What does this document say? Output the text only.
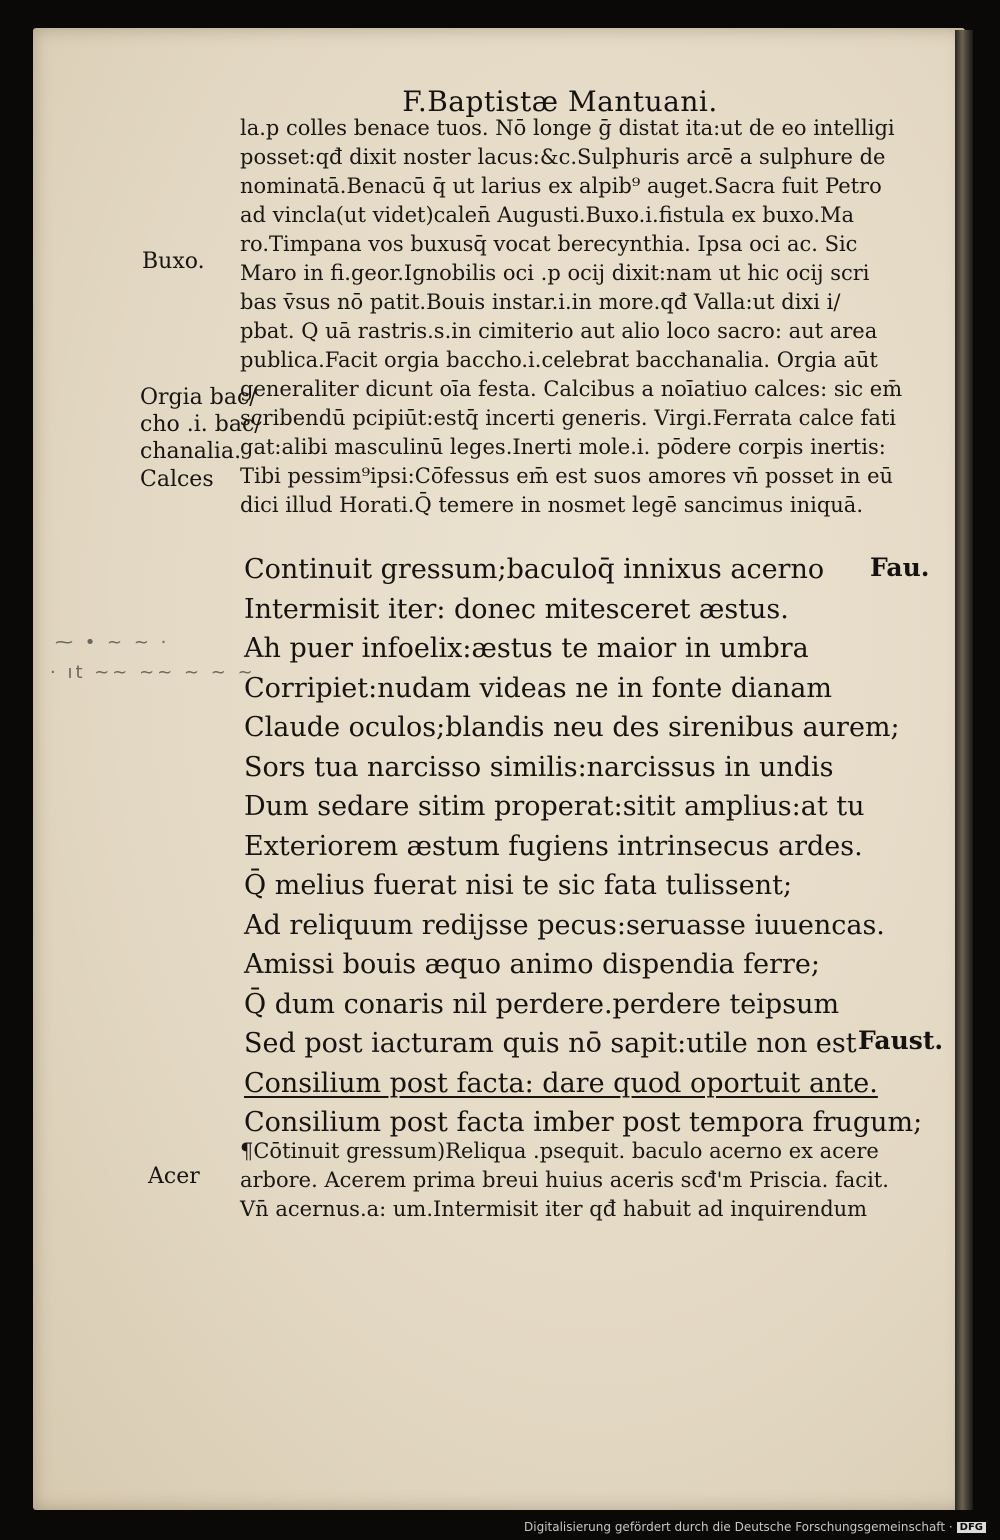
F.Baptistæ Mantuani.
la.p colles benace tuos. Nō longe ḡ distat ita:ut de eo intelligi
posset:qđ dixit noster lacus:&c.Sulphuris arcē a sulphure de
nominatā.Benacū q̄ ut larius ex alpib⁹ auget.Sacra fuit Petro
ad vincla(ut videt)calen̄ Augusti.Buxo.i.fistula ex buxo.Ma
ro.Timpana vos buxusq̄ vocat berecynthia. Ipsa oci ac. Sic
Maro in fi.geor.Ignobilis oci .p ocij dixit:nam ut hic ocij scri
bas v̄sus nō patit.Bouis instar.i.in more.qđ Valla:ut dixi i/
pbat. Q uā rastris.s.in cimiterio aut alio loco sacro: aut area
publica.Facit orgia baccho.i.celebrat bacchanalia. Orgia aūt
generaliter dicunt oīa festa. Calcibus a noīatiuo calces: sic em̄
scribendū pcipiūt:estq̄ incerti generis. Virgi.Ferrata calce fati
gat:alibi masculinū leges.Inerti mole.i. pōdere corpis inertis:
Tibi pessim⁹ipsi:Cōfessus em̄ est suos amores vn̄ posset in eū
dici illud Horati.Q̄ temere in nosmet legē sancimus iniquā.
Continuit gressum;baculoq̄ innixus acerno
Intermisit iter: donec mitesceret æstus.
Ah puer infoelix:æstus te maior in umbra
Corripiet:nudam videas ne in fonte dianam
Claude oculos;blandis neu des sirenibus aurem;
Sors tua narcisso similis:narcissus in undis
Dum sedare sitim properat:sitit amplius:at tu
Exteriorem æstum fugiens intrinsecus ardes.
Q̄ melius fuerat nisi te sic fata tulissent;
Ad reliquum redijsse pecus:seruasse iuuencas.
Amissi bouis æquo animo dispendia ferre;
Q̄ dum conaris nil perdere.perdere teipsum
Sed post iacturam quis nō sapit:utile non est
Consilium post facta: dare quod oportuit ante.
Consilium post facta imber post tempora frugum;
¶Cōtinuit gressum)Reliqua .psequit. baculo acerno ex acere
arbore. Acerem prima breui huius aceris scđ'm Priscia. facit.
Vn̄ acernus.a: um.Intermisit iter qđ habuit ad inquirendum
Buxo.
Orgia bac/
cho .i. bac/
chanalia.
Calces
Acer
Fau.
Faust.
⁓ • ~ ~ ·
· ıt ~~ ~~ ~ ~ ~
Digitalisierung gefördert durch die Deutsche Forschungsgemeinschaft · DFG
